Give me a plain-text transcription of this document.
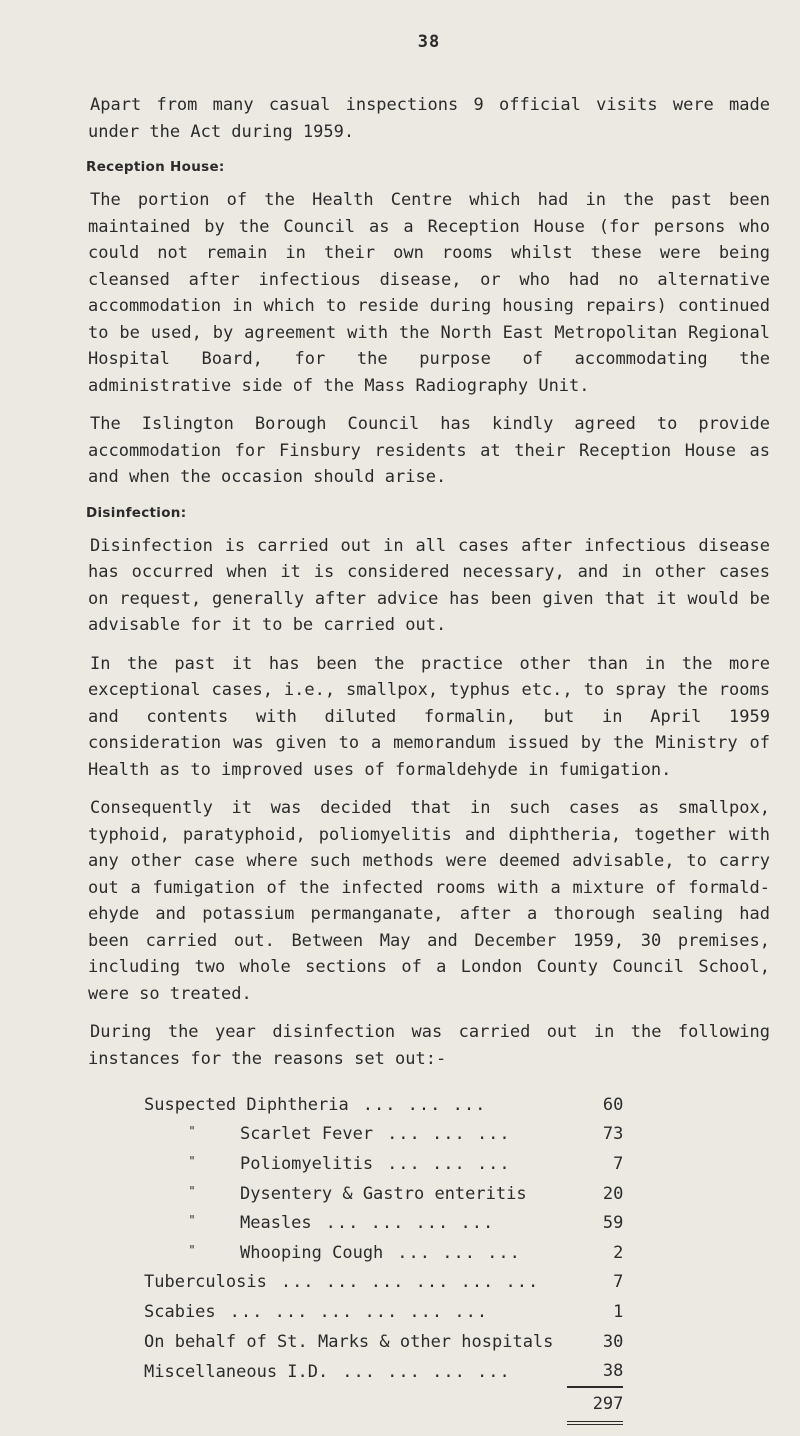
38

Apart from many casual inspections 9 official visits were made under the Act during 1959.

Reception House:

The portion of the Health Centre which had in the past been maintained by the Council as a Reception House (for persons who could not remain in their own rooms whilst these were being cleansed after infectious disease, or who had no alternative accommodation in which to reside during housing repairs) continued to be used, by agreement with the North East Metropolitan Regional Hospital Board, for the purpose of accommodating the administrative side of the Mass Radiography Unit.

The Islington Borough Council has kindly agreed to provide accommodation for Finsbury residents at their Reception House as and when the occasion should arise.

Disinfection:

Disinfection is carried out in all cases after infectious disease has occurred when it is considered necessary, and in other cases on request, generally after advice has been given that it would be advisable for it to be carried out.

In the past it has been the practice other than in the more exceptional cases, i.e., smallpox, typhus etc., to spray the rooms and contents with diluted formalin, but in April 1959 consideration was given to a memorandum issued by the Ministry of Health as to improved uses of formaldehyde in fumigation.

Consequently it was decided that in such cases as smallpox, typhoid, paratyphoid, poliomyelitis and diphtheria, together with any other case where such methods were deemed advisable, to carry out a fumigation of the infected rooms with a mixture of formald-ehyde and potassium permanganate, after a thorough sealing had been carried out. Between May and December 1959, 30 premises, including two whole sections of a London County Council School, were so treated.

During the year disinfection was carried out in the following instances for the reasons set out:-

Suspected Diphtheria ... ... ...	60
" Scarlet Fever ... ... ...	73
" Poliomyelitis ... ... ...	7
" Dysentery & Gastro enteritis	20
" Measles ... ... ... ...	59
" Whooping Cough ... ... ...	2
Tuberculosis ... ... ... ... ... ...	7
Scabies ... ... ... ... ... ...	1
On behalf of St. Marks & other hospitals	30
Miscellaneous I.D. ... ... ... ...	38
	297
